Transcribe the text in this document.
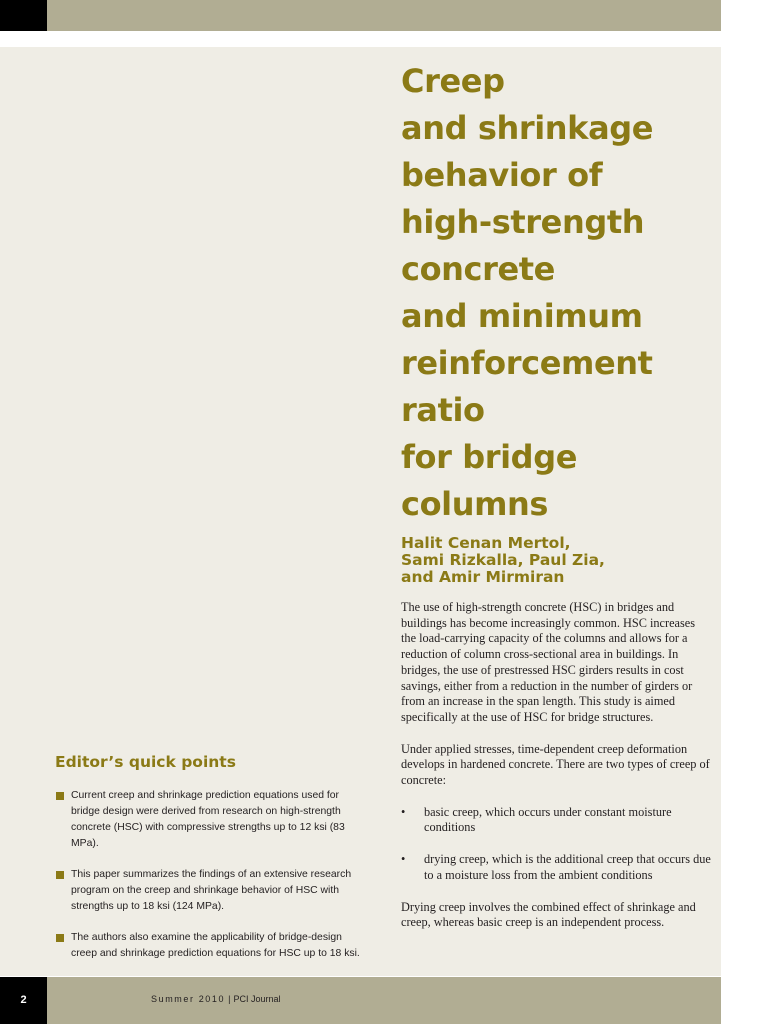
Creep
and shrinkage
behavior of
high-strength
concrete
and minimum
reinforcement
ratio
for bridge
columns
Halit Cenan Mertol,
Sami Rizkalla, Paul Zia,
and Amir Mirmiran

The use of high-strength concrete (HSC) in bridges and buildings has become increasingly common. HSC increases the load-carrying capacity of the columns and allows for a reduction of column cross-sectional area in buildings. In bridges, the use of prestressed HSC girders results in cost savings, either from a reduction in the number of girders or from an increase in the span length. This study is aimed specifically at the use of HSC for bridge structures.

Under applied stresses, time-dependent creep deformation develops in hardened concrete. There are two types of creep of concrete:

• basic creep, which occurs under constant moisture conditions
• drying creep, which is the additional creep that occurs due to a moisture loss from the ambient conditions

Drying creep involves the combined effect of shrinkage and creep, whereas basic creep is an independent process.

Editor’s quick points
Current creep and shrinkage prediction equations used for bridge design were derived from research on high-strength concrete (HSC) with compressive strengths up to 12 ksi (83 MPa).
This paper summarizes the findings of an extensive research program on the creep and shrinkage behavior of HSC with strengths up to 18 ksi (124 MPa).
The authors also examine the applicability of bridge-design creep and shrinkage prediction equations for HSC up to 18 ksi.
2	Summer 2010 | PCI Journal
